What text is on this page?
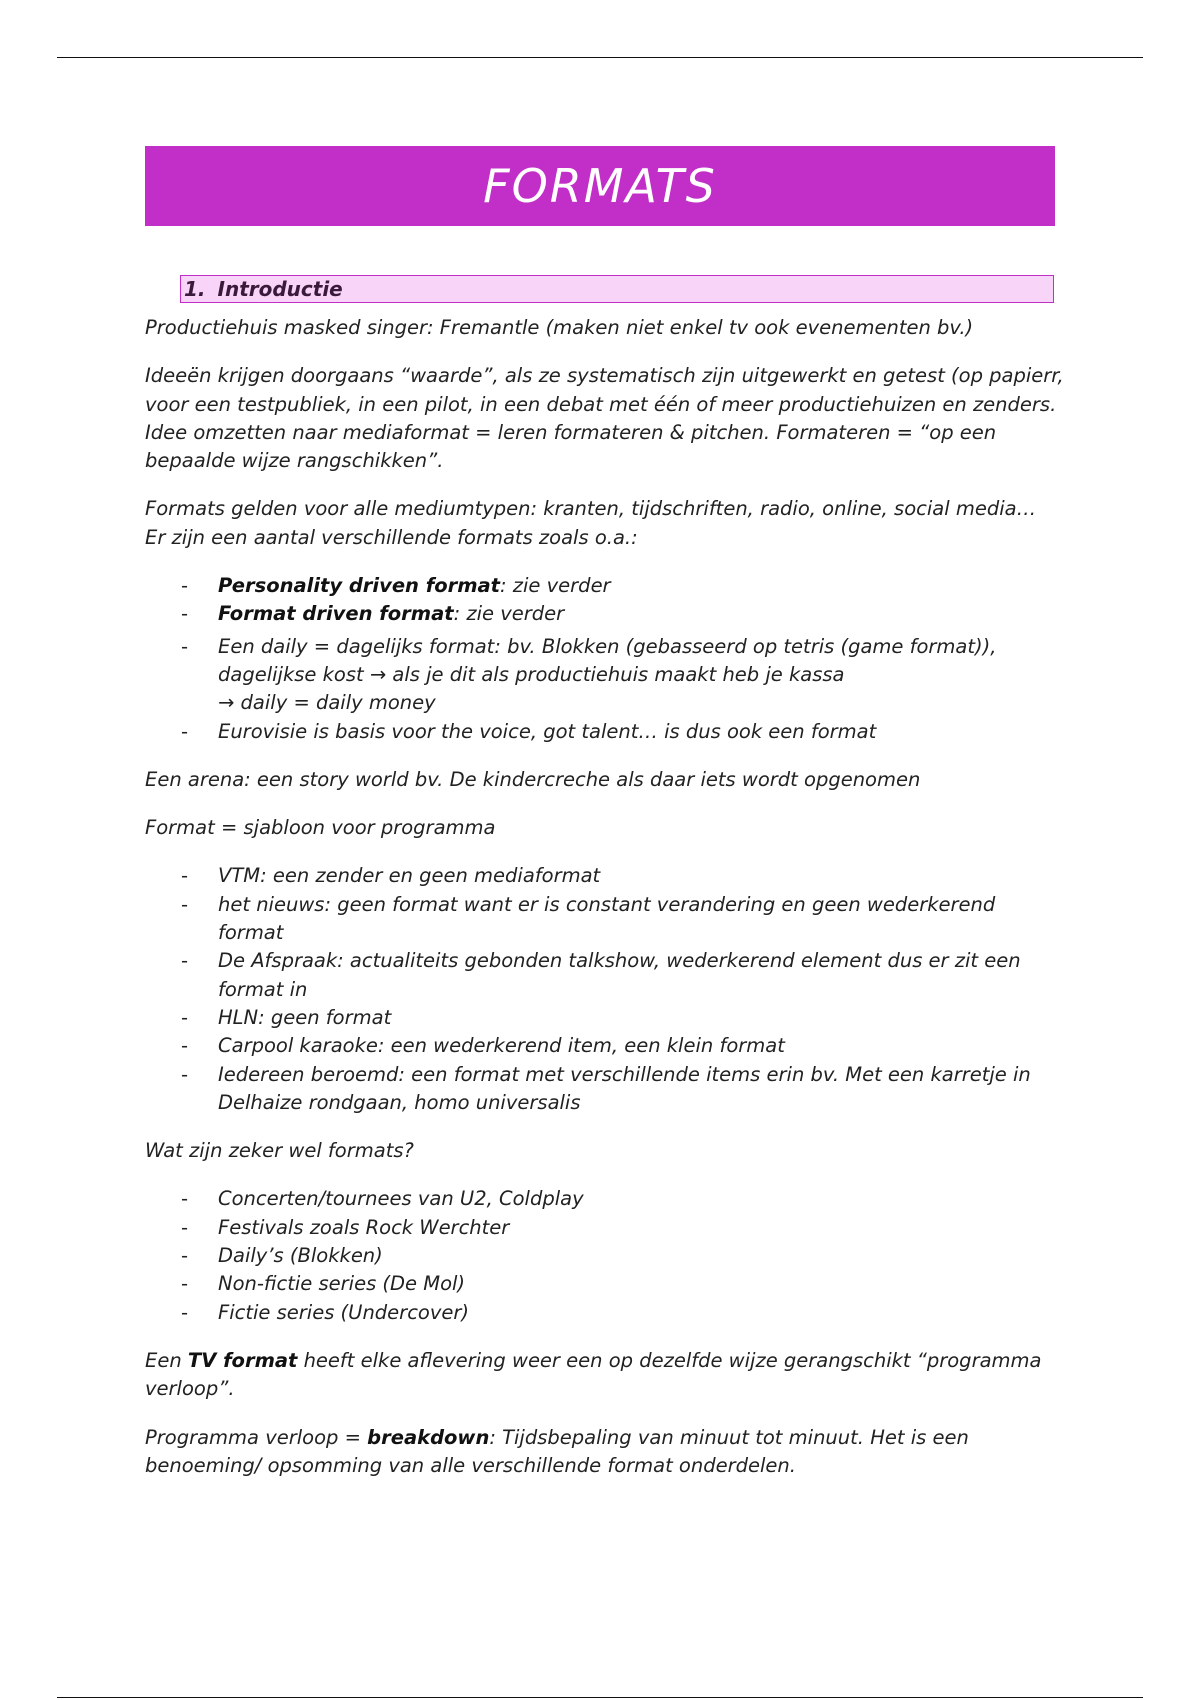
FORMATS
1. Introductie

Productiehuis masked singer: Fremantle (maken niet enkel tv ook evenementen bv.)

Ideeën krijgen doorgaans “waarde”, als ze systematisch zijn uitgewerkt en getest (op papierr, voor een testpubliek, in een pilot, in een debat met één of meer productiehuizen en zenders.
Idee omzetten naar mediaformat = leren formateren & pitchen. Formateren = “op een bepaalde wijze rangschikken”.

Formats gelden voor alle mediumtypen: kranten, tijdschriften, radio, online, social media…
Er zijn een aantal verschillende formats zoals o.a.:

- Personality driven format: zie verder
- Format driven format: zie verder
- Een daily = dagelijks format: bv. Blokken (gebasseerd op tetris (game format)), dagelijkse kost → als je dit als productiehuis maakt heb je kassa
→ daily = daily money
- Eurovisie is basis voor the voice, got talent… is dus ook een format

Een arena: een story world bv. De kindercreche als daar iets wordt opgenomen

Format = sjabloon voor programma

- VTM: een zender en geen mediaformat
- het nieuws: geen format want er is constant verandering en geen wederkerend format
- De Afspraak: actualiteits gebonden talkshow, wederkerend element dus er zit een format in
- HLN: geen format
- Carpool karaoke: een wederkerend item, een klein format
- Iedereen beroemd: een format met verschillende items erin bv. Met een karretje in Delhaize rondgaan, homo universalis

Wat zijn zeker wel formats?

- Concerten/tournees van U2, Coldplay
- Festivals zoals Rock Werchter
- Daily’s (Blokken)
- Non-fictie series (De Mol)
- Fictie series (Undercover)

Een TV format heeft elke aflevering weer een op dezelfde wijze gerangschikt “programma verloop”.

Programma verloop = breakdown: Tijdsbepaling van minuut tot minuut. Het is een benoeming/ opsomming van alle verschillende format onderdelen.
